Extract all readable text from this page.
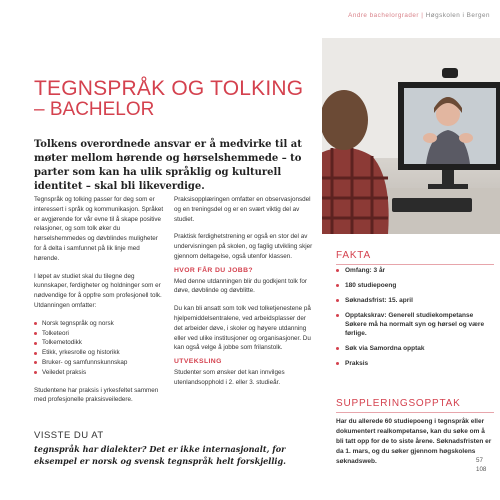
Andre bachelorgrader | Høgskolen i Bergen
TEGNSPRÅK OG TOLKING
– BACHELOR
Tolkens overordnede ansvar er å medvirke til at møter mellom hørende og hørselshemmede – to parter som kan ha ulik språklig og kulturell identitet – skal bli likeverdige.

Tegnspråk og tolking passer for deg som er interessert i språk og kommunikasjon. Språket er avgjørende for vår evne til å skape positive relasjoner, og som tolk øker du hørselshemmedes og døvblindes muligheter for å delta i samfunnet på lik linje med hørende.

I løpet av studiet skal du tilegne deg kunnskaper, ferdigheter og holdninger som er nødvendige for å oppfre som profesjonell tolk. Utdanningen omfatter:

Norsk tegnspråk og norsk
Tolketeori
Tolkemetodikk
Etikk, yrkesrolle og historikk
Bruker- og samfunnskunnskap
Veiledet praksis

Studentene har praksis i yrkesfeltet sammen med profesjonelle praksisveiledere.

Praksisopplæringen omfatter en observasjonsdel og en treningsdel og er en svært viktig del av studiet.

Praktisk ferdighetstrening er også en stor del av undervisningen på skolen, og faglig utvikling skjer gjennom deltagelse, også utenfor klassen.

HVOR FÅR DU JOBB?

Med denne utdanningen blir du godkjent tolk for døve, døvblinde og døvblitte.

Du kan bli ansatt som tolk ved tolketjenestene på hjelpemiddelsentralene, ved arbeidsplasser der det arbeider døve, i skoler og høyere utdanning eller ved ulike institusjoner og organisasjoner. Du kan også velge å jobbe som frilanstolk.

UTVEKSLING

Studenter som ønsker det kan innvilges utenlandsopphold i 2. eller 3. studieår.

VISSTE DU AT
tegnspråk har dialekter? Det er ikke internasjonalt, for eksempel er norsk og svensk tegnspråk helt forskjellig.
FAKTA
Omfang: 3 år
180 studiepoeng
Søknadsfrist: 15. april
Opptakskrav: Generell studiekompetanse Søkere må ha normalt syn og hørsel og være førlige.
Søk via Samordna opptak
Praksis
SUPPLERINGSOPPTAK
Har du allerede 60 studiepoeng i tegnspråk eller dokumentert realkompetanse, kan du søke om å bli tatt opp for de to siste årene. Søknadsfristen er da 1. mars, og du søker gjennom høgskolens søknadsweb.	57
108
